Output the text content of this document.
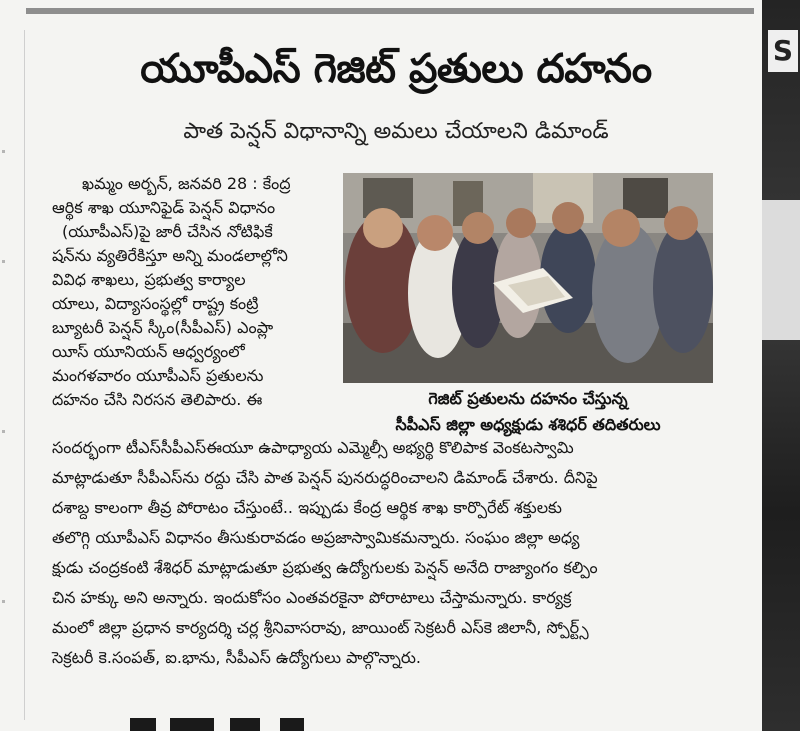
S
యూపీఎస్ గెజిట్ ప్రతులు దహనం
పాత పెన్షన్ విధానాన్ని అమలు చేయాలని డిమాండ్
గెజిట్ ప్రతులను దహనం చేస్తున్న
సీపీఎస్ జిల్లా అధ్యక్షుడు శశిధర్ తదితరులు
ఖమ్మం అర్బన్, జనవరి 28 : కేంద్ర
ఆర్థిక శాఖ యూనిఫైడ్ పెన్షన్ విధానం
(యూపీఎస్)పై జారీ చేసిన నోటిఫికే
షన్‌ను వ్యతిరేకిస్తూ అన్ని మండలాల్లోని
వివిధ శాఖలు, ప్రభుత్వ కార్యాల
యాలు, విద్యాసంస్థల్లో రాష్ట్ర కంట్రి
బ్యూటరీ పెన్షన్ స్కీం(సీపీఎస్) ఎంప్లా
యీస్ యూనియన్ ఆధ్వర్యంలో
మంగళవారం యూపీఎస్ ప్రతులను
దహనం చేసి నిరసన తెలిపారు. ఈ
సందర్భంగా టీఎస్‌సీపీఎస్‌ఈయూ ఉపాధ్యాయ ఎమ్మెల్సీ అభ్యర్థి కొలిపాక వెంకటస్వామి
మాట్లాడుతూ సీపీఎస్‌ను రద్దు చేసి పాత పెన్షన్ పునరుద్ధరించాలని డిమాండ్ చేశారు. దీనిపై
దశాబ్ద కాలంగా తీవ్ర పోరాటం చేస్తుంటే.. ఇప్పుడు కేంద్ర ఆర్థిక శాఖ కార్పొరేట్ శక్తులకు
తలొగ్గి యూపీఎస్ విధానం తీసుకురావడం అప్రజాస్వామికమన్నారు. సంఘం జిల్లా అధ్య
క్షుడు చంద్రకంటి శేశిధర్ మాట్లాడుతూ ప్రభుత్వ ఉద్యోగులకు పెన్షన్ అనేది రాజ్యాంగం కల్పిం
చిన హక్కు అని అన్నారు. ఇందుకోసం ఎంతవరకైనా పోరాటాలు చేస్తామన్నారు. కార్యక్ర
మంలో జిల్లా ప్రధాన కార్యదర్శి చర్ల శ్రీనివాసరావు, జాయింట్ సెక్రటరీ ఎస్‌కె జిలానీ, స్పోర్ట్స్
సెక్రటరీ కె.సంపత్, ఐ.భాను, సీపీఎస్ ఉద్యోగులు పాల్గొన్నారు.
